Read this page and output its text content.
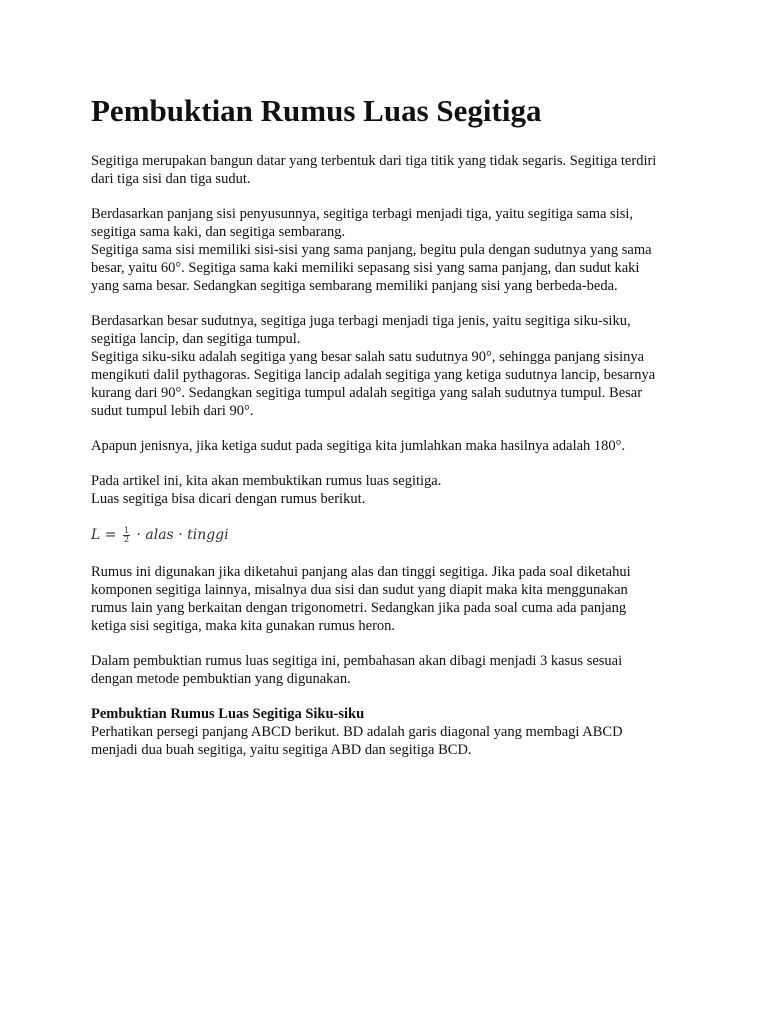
Pembuktian Rumus Luas Segitiga

Segitiga merupakan bangun datar yang terbentuk dari tiga titik yang tidak segaris. Segitiga terdiri
dari tiga sisi dan tiga sudut.

Berdasarkan panjang sisi penyusunnya, segitiga terbagi menjadi tiga, yaitu segitiga sama sisi,
segitiga sama kaki, dan segitiga sembarang.
Segitiga sama sisi memiliki sisi-sisi yang sama panjang, begitu pula dengan sudutnya yang sama
besar, yaitu 60°. Segitiga sama kaki memiliki sepasang sisi yang sama panjang, dan sudut kaki
yang sama besar. Sedangkan segitiga sembarang memiliki panjang sisi yang berbeda-beda.

Berdasarkan besar sudutnya, segitiga juga terbagi menjadi tiga jenis, yaitu segitiga siku-siku,
segitiga lancip, dan segitiga tumpul.
Segitiga siku-siku adalah segitiga yang besar salah satu sudutnya 90°, sehingga panjang sisinya
mengikuti dalil pythagoras. Segitiga lancip adalah segitiga yang ketiga sudutnya lancip, besarnya
kurang dari 90°. Sedangkan segitiga tumpul adalah segitiga yang salah sudutnya tumpul. Besar
sudut tumpul lebih dari 90°.

Apapun jenisnya, jika ketiga sudut pada segitiga kita jumlahkan maka hasilnya adalah 180°.

Pada artikel ini, kita akan membuktikan rumus luas segitiga.
Luas segitiga bisa dicari dengan rumus berikut.

$L = \frac{1}{2}$ · alas · tinggi

Rumus ini digunakan jika diketahui panjang alas dan tinggi segitiga. Jika pada soal diketahui
komponen segitiga lainnya, misalnya dua sisi dan sudut yang diapit maka kita menggunakan
rumus lain yang berkaitan dengan trigonometri. Sedangkan jika pada soal cuma ada panjang
ketiga sisi segitiga, maka kita gunakan rumus heron.

Dalam pembuktian rumus luas segitiga ini, pembahasan akan dibagi menjadi 3 kasus sesuai
dengan metode pembuktian yang digunakan.

Pembuktian Rumus Luas Segitiga Siku-siku

Perhatikan persegi panjang ABCD berikut. BD adalah garis diagonal yang membagi ABCD
menjadi dua buah segitiga, yaitu segitiga ABD dan segitiga BCD.
